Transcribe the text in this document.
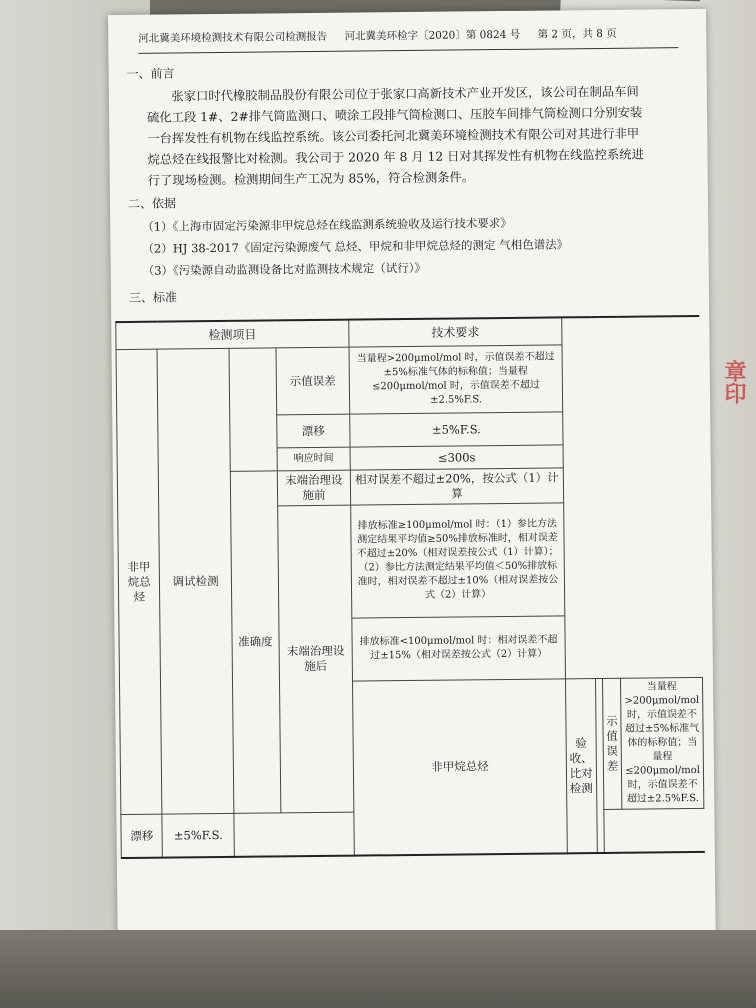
章印
河北冀美环境检测技术有限公司检测报告 河北冀美环检字〔2020〕第 0824 号 第 2 页，共 8 页
一、前言
张家口时代橡胶制品股份有限公司位于张家口高新技术产业开发区，该公司在制品车间硫化工段 1#、2#排气筒监测口、喷涂工段排气筒检测口、压胶车间排气筒检测口分别安装一台挥发性有机物在线监控系统。该公司委托河北冀美环境检测技术有限公司对其进行非甲烷总烃在线报警比对检测。我公司于 2020 年 8 月 12 日对其挥发性有机物在线监控系统进行了现场检测。检测期间生产工况为 85%，符合检测条件。
二、依据
（1）《上海市固定污染源非甲烷总烃在线监测系统验收及运行技术要求》
（2）HJ 38-2017《固定污染源废气 总烃、甲烷和非甲烷总烃的测定 气相色谱法》
（3）《污染源自动监测设备比对监测技术规定（试行）》
三、标准
检测项目				技术要求				
非甲烷总烃	调试检测		示值误差	当量程>200μmol/mol 时，示值误差不超过±5%标准气体的标称值；当量程≤200μmol/mol 时，示值误差不超过±2.5%F.S.				
			漂移	±5%F.S.				
			响应时间	≤300s				
		准确度	末端治理设施前	相对误差不超过±20%，按公式（1）计算				
			末端治理设施后	排放标准≥100μmol/mol 时：（1）参比方法测定结果平均值≥50%排放标准时，相对误差不超过±20%（相对误差按公式（1）计算）；（2）参比方法测定结果平均值＜50%排放标准时，相对误差不超过±10%（相对误差按公式（2）计算）				
				排放标准<100μmol/mol 时：相对误差不超过±15%（相对误差按公式（2）计算）				
				非甲烷总烃	验收、比对检测		示值误差	当量程>200μmol/mol 时，示值误差不超过±5%标准气体的标称值；当量程≤200μmol/mol 时，示值误差不超过±2.5%F.S.
漂移	±5%F.S.							
